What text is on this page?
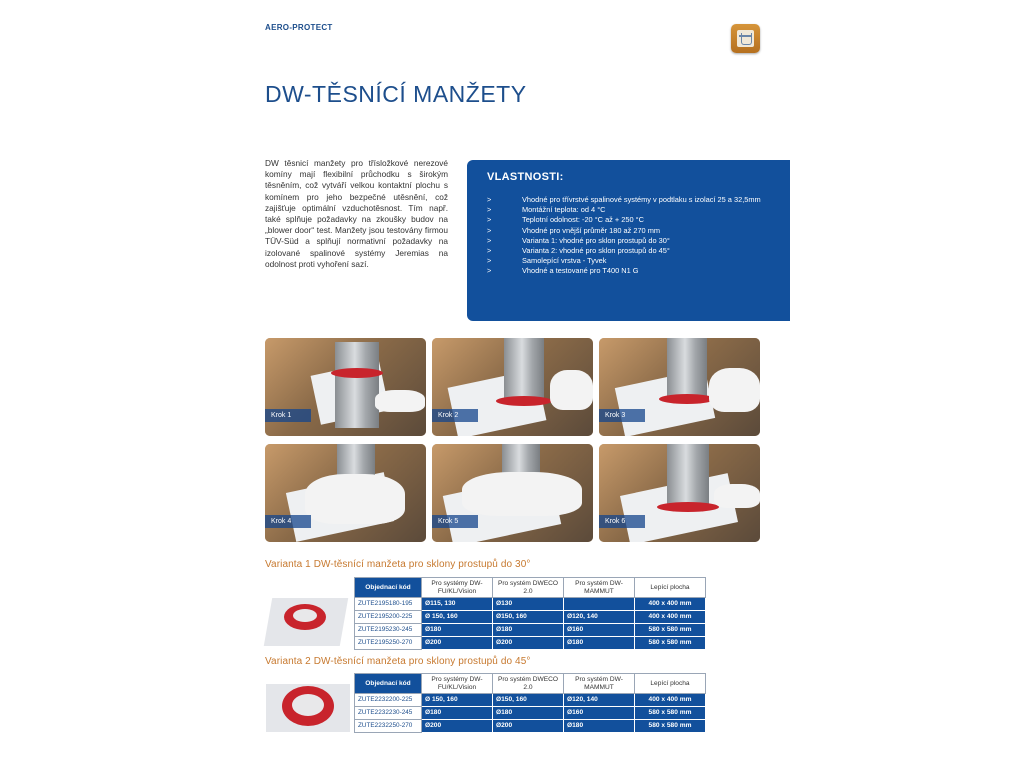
AERO-PROTECT
DW-TĚSNÍCÍ MANŽETY
DW těsnicí manžety pro třísložkové nerezové komíny mají flexibilní průchodku s širokým těsněním, což vytváří velkou kontaktní plochu s komínem pro jeho bezpečné utěsnění, což zajišťuje optimální vzduchotěsnost. Tím např. také splňuje požadavky na zkoušky budov na „blower door“ test. Manžety jsou testovány firmou TÜV-Süd a splňují normativní požadavky na izolované spalinové systémy Jeremias na odolnost proti vyhoření sazí.
VLASTNOSTI:
>	Vhodné pro třívrstvé spalinové systémy v podtlaku s izolací 25 a 32,5mm
>	Montážní teplota: od 4 °C
>	Teplotní odolnost: -20 °C až + 250 °C
>	Vhodné pro vnější průměr 180 až 270 mm
>	Varianta 1: vhodné pro sklon prostupů do 30°
>	Varianta 2: vhodné pro sklon prostupů do 45°
>	Samolepící vrstva - Tyvek
>	Vhodné a testované pro T400 N1 G
Krok 1	Krok 2	Krok 3
Krok 4	Krok 5	Krok 6
Varianta 1 DW-těsnící manžeta pro sklony prostupů do 30°
Objednací kód	Pro systémy DW-FU/KL/Vision	Pro systém DWECO 2.0	Pro systém DW-MAMMUT	Lepící plocha
ZUTE2195180-195	Ø115, 130	Ø130		400 x 400 mm
ZUTE2195200-225	Ø 150, 160	Ø150, 160	Ø120, 140	400 x 400 mm
ZUTE2195230-245	Ø180	Ø180	Ø160	580 x 580 mm
ZUTE2195250-270	Ø200	Ø200	Ø180	580 x 580 mm
Varianta 2 DW-těsnící manžeta pro sklony prostupů do 45°
Objednací kód	Pro systémy DW-FU/KL/Vision	Pro systém DWECO 2.0	Pro systém DW-MAMMUT	Lepící plocha
ZUTE2232200-225	Ø 150, 160	Ø150, 160	Ø120, 140	400 x 400 mm
ZUTE2232230-245	Ø180	Ø180	Ø160	580 x 580 mm
ZUTE2232250-270	Ø200	Ø200	Ø180	580 x 580 mm
